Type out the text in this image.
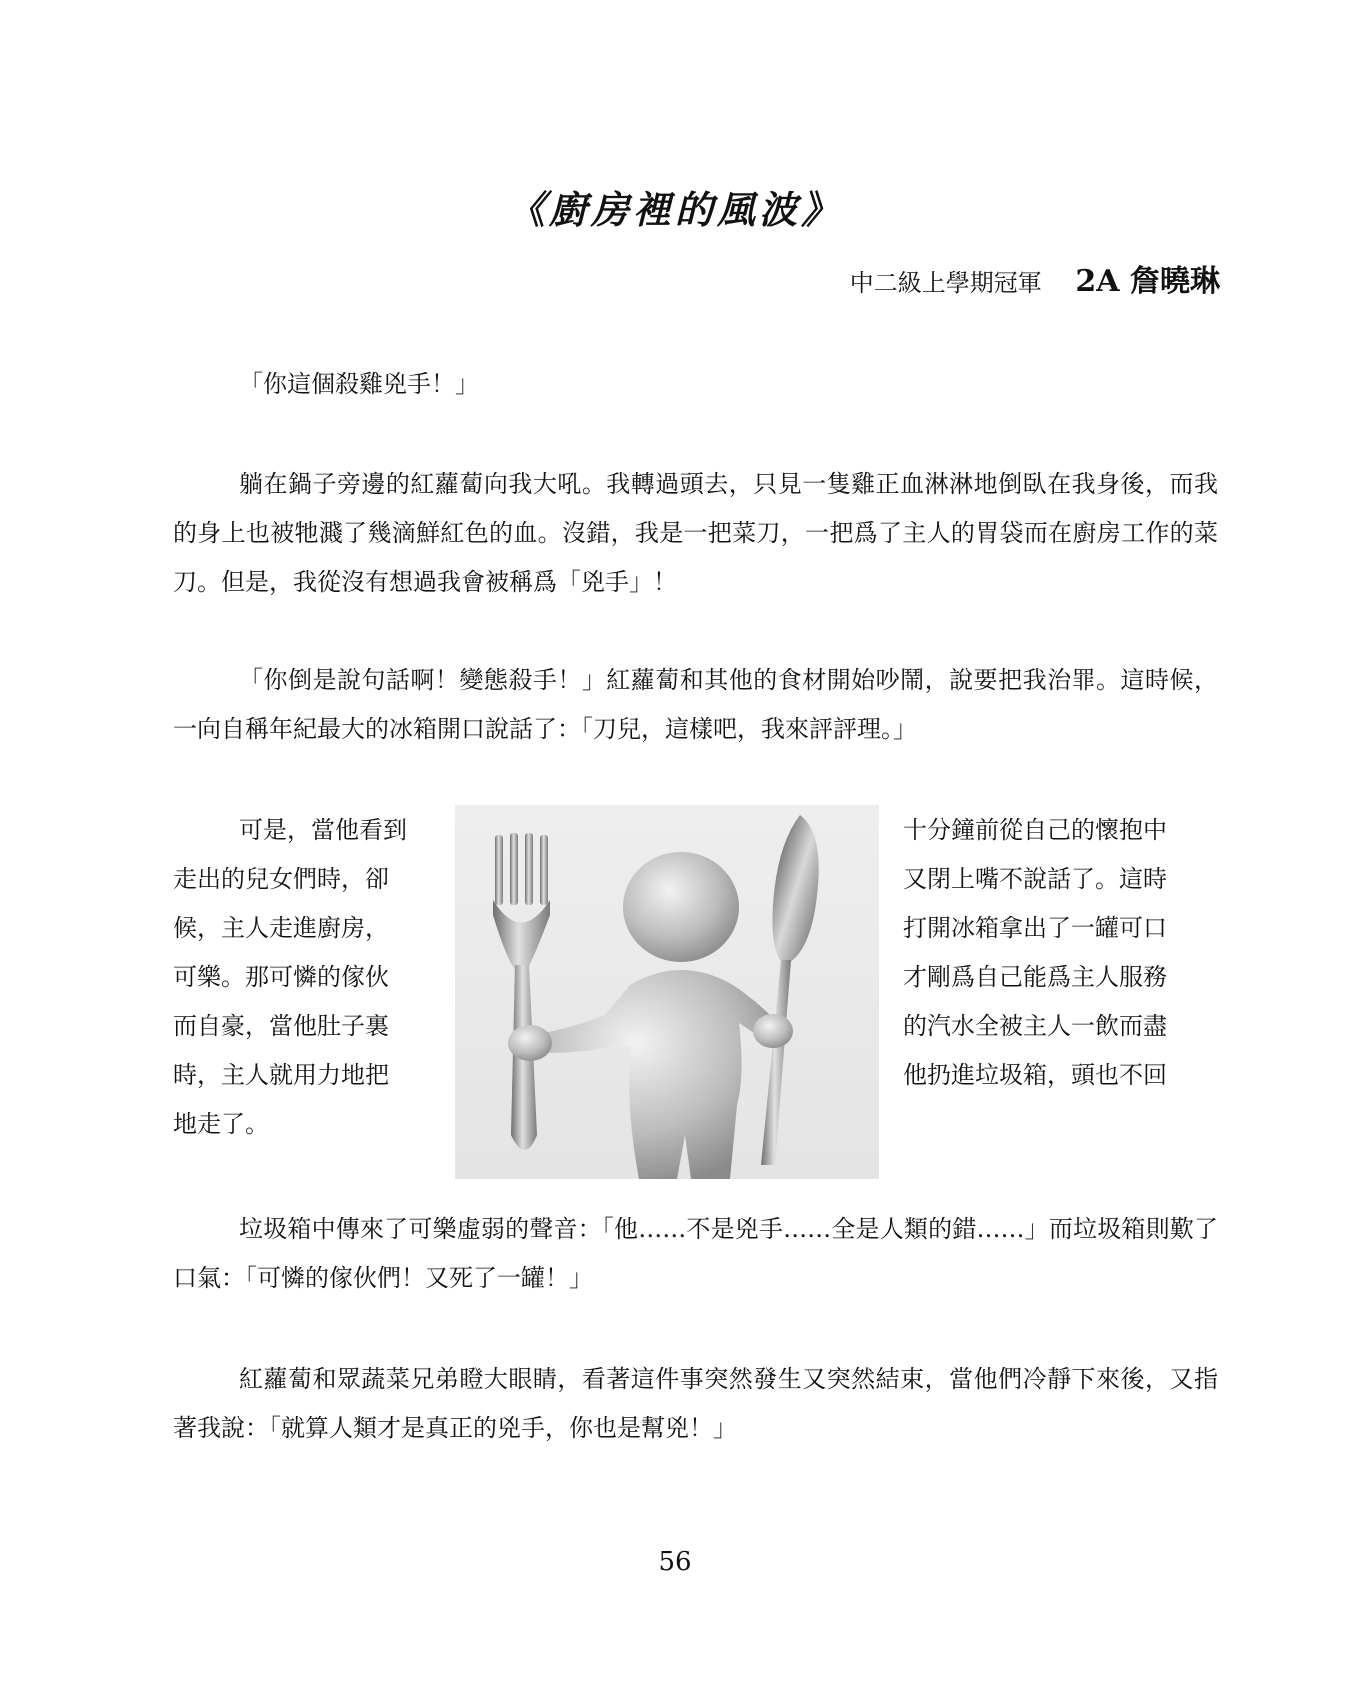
《廚房裡的風波》
中二級上學期冠軍 2A 詹曉琳

「你這個殺雞兇手！」

躺在鍋子旁邊的紅蘿蔔向我大吼。我轉過頭去，只見一隻雞正血淋淋地倒臥在我身後，而我的身上也被牠濺了幾滴鮮紅色的血。沒錯，我是一把菜刀，一把爲了主人的胃袋而在廚房工作的菜刀。但是，我從沒有想過我會被稱爲「兇手」！

「你倒是說句話啊！變態殺手！」紅蘿蔔和其他的食材開始吵鬧，說要把我治罪。這時候，一向自稱年紀最大的冰箱開口說話了：「刀兒，這樣吧，我來評評理。」

可是，當他看到
走出的兒女們時，卻
候，主人走進廚房，
可樂。那可憐的傢伙
而自豪，當他肚子裏
時，主人就用力地把
地走了。
十分鐘前從自己的懷抱中
又閉上嘴不說話了。這時
打開冰箱拿出了一罐可口
才剛爲自己能爲主人服務
的汽水全被主人一飲而盡
他扔進垃圾箱，頭也不回

垃圾箱中傳來了可樂虛弱的聲音：「他……不是兇手……全是人類的錯……」而垃圾箱則歎了口氣：「可憐的傢伙們！又死了一罐！」

紅蘿蔔和眾蔬菜兄弟瞪大眼睛，看著這件事突然發生又突然結束，當他們冷靜下來後，又指著我說：「就算人類才是真正的兇手，你也是幫兇！」

56
